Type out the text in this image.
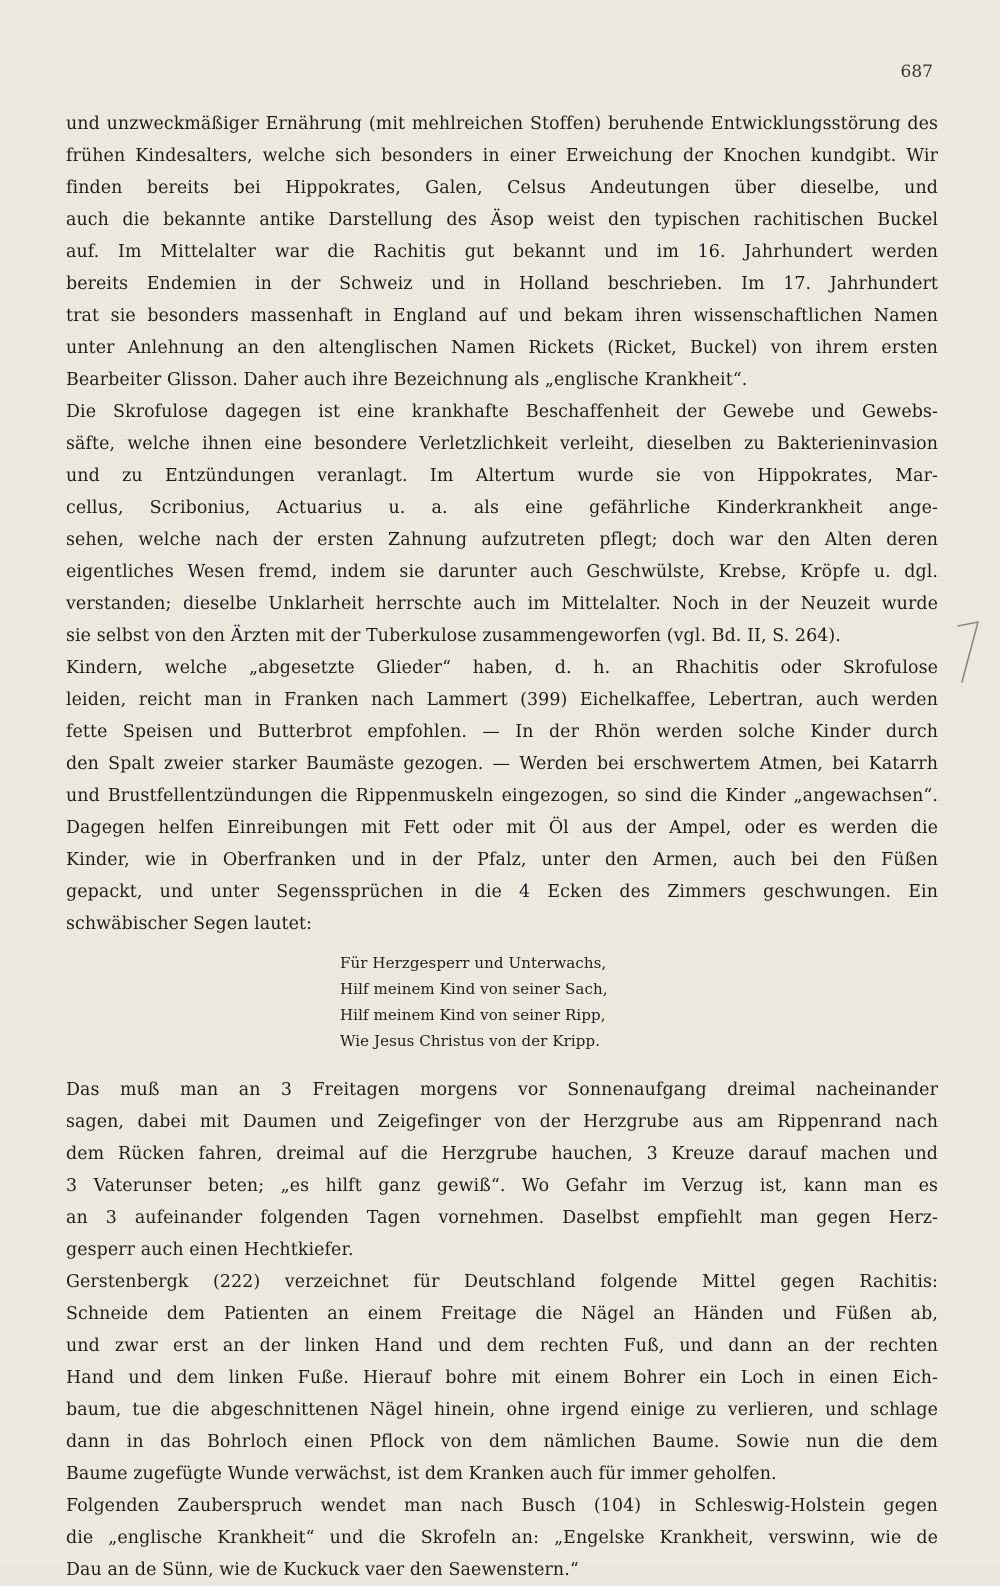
687
und unzweckmäßiger Ernährung (mit mehlreichen Stoffen) beruhende Entwicklungsstörung des
frühen Kindesalters, welche sich besonders in einer Erweichung der Knochen kundgibt. Wir
finden bereits bei Hippokrates, Galen, Celsus Andeutungen über dieselbe, und
auch die bekannte antike Darstellung des Äsop weist den typischen rachitischen Buckel
auf. Im Mittelalter war die Rachitis gut bekannt und im 16. Jahrhundert werden
bereits Endemien in der Schweiz und in Holland beschrieben. Im 17. Jahrhundert
trat sie besonders massenhaft in England auf und bekam ihren wissenschaftlichen Namen
unter Anlehnung an den altenglischen Namen Rickets (Ricket, Buckel) von ihrem ersten
Bearbeiter Glisson. Daher auch ihre Bezeichnung als „englische Krankheit“.
Die Skrofulose dagegen ist eine krankhafte Beschaffenheit der Gewebe und Gewebs-
säfte, welche ihnen eine besondere Verletzlichkeit verleiht, dieselben zu Bakterieninvasion
und zu Entzündungen veranlagt. Im Altertum wurde sie von Hippokrates, Mar-
cellus, Scribonius, Actuarius u. a. als eine gefährliche Kinderkrankheit ange-
sehen, welche nach der ersten Zahnung aufzutreten pflegt; doch war den Alten deren
eigentliches Wesen fremd, indem sie darunter auch Geschwülste, Krebse, Kröpfe u. dgl.
verstanden; dieselbe Unklarheit herrschte auch im Mittelalter. Noch in der Neuzeit wurde
sie selbst von den Ärzten mit der Tuberkulose zusammengeworfen (vgl. Bd. II, S. 264).
Kindern, welche „abgesetzte Glieder“ haben, d. h. an Rhachitis oder Skrofulose
leiden, reicht man in Franken nach Lammert (399) Eichelkaffee, Lebertran, auch werden
fette Speisen und Butterbrot empfohlen. — In der Rhön werden solche Kinder durch
den Spalt zweier starker Baumäste gezogen. — Werden bei erschwertem Atmen, bei Katarrh
und Brustfellentzündungen die Rippenmuskeln eingezogen, so sind die Kinder „angewachsen“.
Dagegen helfen Einreibungen mit Fett oder mit Öl aus der Ampel, oder es werden die
Kinder, wie in Oberfranken und in der Pfalz, unter den Armen, auch bei den Füßen
gepackt, und unter Segenssprüchen in die 4 Ecken des Zimmers geschwungen. Ein
schwäbischer Segen lautet:
Für Herzgesperr und Unterwachs,
Hilf meinem Kind von seiner Sach,
Hilf meinem Kind von seiner Ripp,
Wie Jesus Christus von der Kripp.
Das muß man an 3 Freitagen morgens vor Sonnenaufgang dreimal nacheinander
sagen, dabei mit Daumen und Zeigefinger von der Herzgrube aus am Rippenrand nach
dem Rücken fahren, dreimal auf die Herzgrube hauchen, 3 Kreuze darauf machen und
3 Vaterunser beten; „es hilft ganz gewiß“. Wo Gefahr im Verzug ist, kann man es
an 3 aufeinander folgenden Tagen vornehmen. Daselbst empfiehlt man gegen Herz-
gesperr auch einen Hechtkiefer.
Gerstenbergk (222) verzeichnet für Deutschland folgende Mittel gegen Rachitis:
Schneide dem Patienten an einem Freitage die Nägel an Händen und Füßen ab,
und zwar erst an der linken Hand und dem rechten Fuß, und dann an der rechten
Hand und dem linken Fuße. Hierauf bohre mit einem Bohrer ein Loch in einen Eich-
baum, tue die abgeschnittenen Nägel hinein, ohne irgend einige zu verlieren, und schlage
dann in das Bohrloch einen Pflock von dem nämlichen Baume. Sowie nun die dem
Baume zugefügte Wunde verwächst, ist dem Kranken auch für immer geholfen.
Folgenden Zauberspruch wendet man nach Busch (104) in Schleswig-Holstein gegen
die „englische Krankheit“ und die Skrofeln an: „Engelske Krankheit, verswinn, wie de
Dau an de Sünn, wie de Kuckuck vaer den Saewenstern.“
